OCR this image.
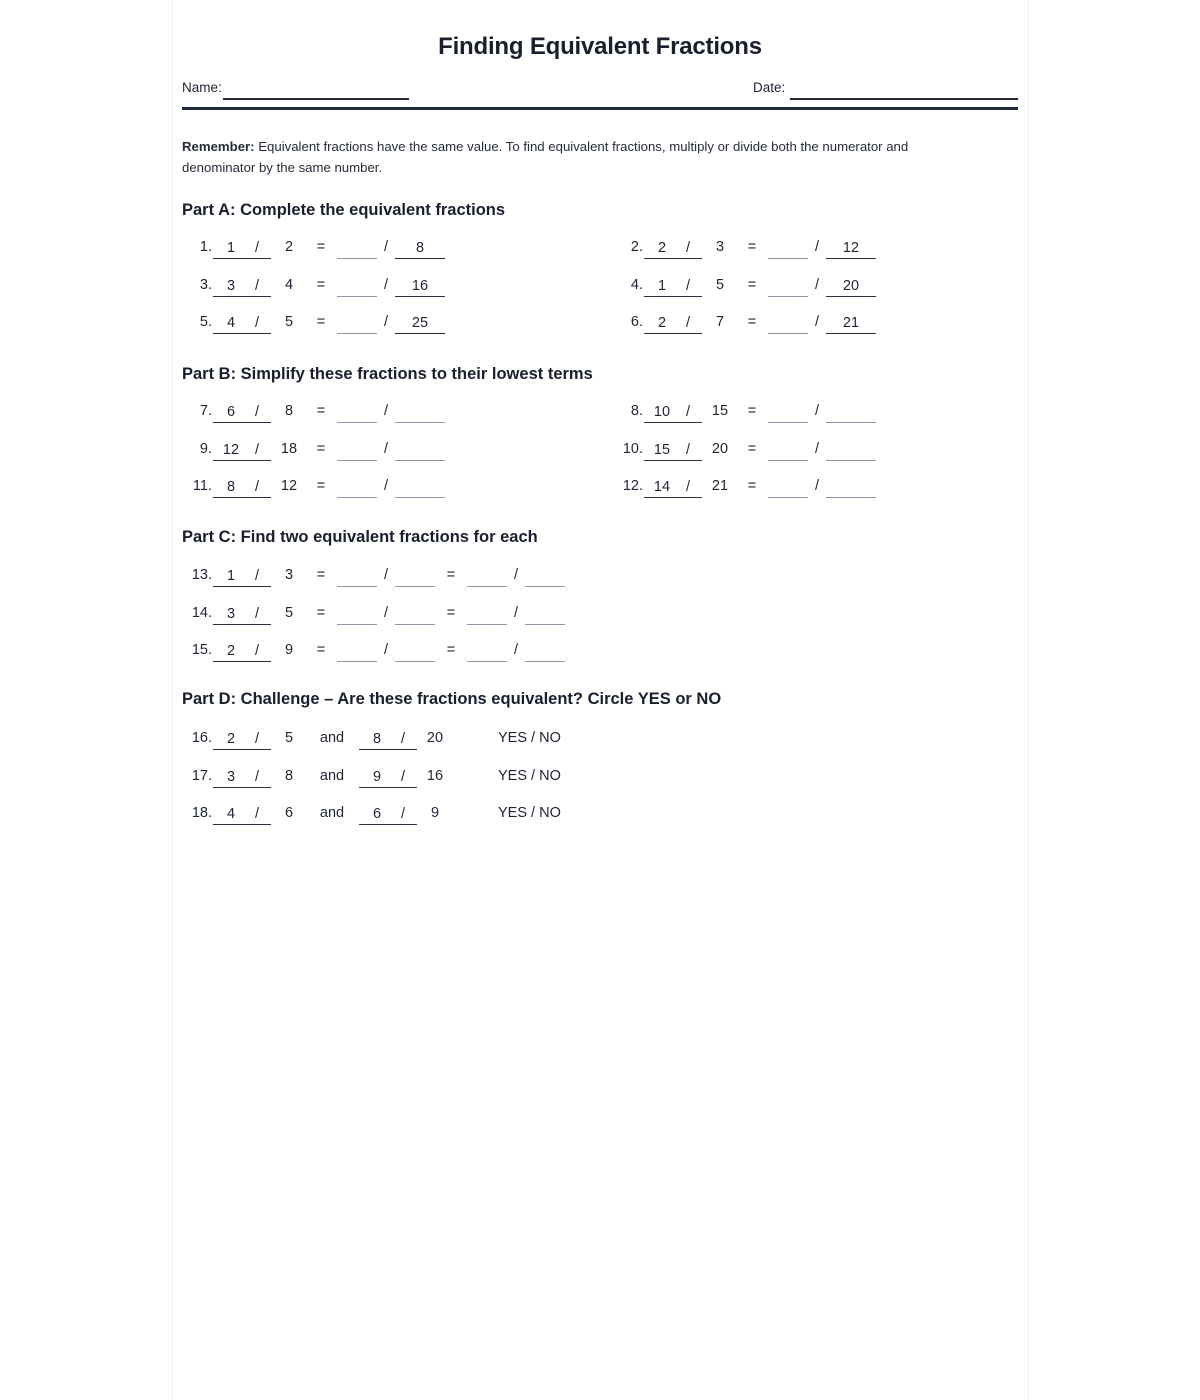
Finding Equivalent Fractions
Name:	Date:
Remember: Equivalent fractions have the same value. To find equivalent fractions, multiply or divide both the numerator and denominator by the same number.
Part A: Complete the equivalent fractions
1. 1 / 2 =	/ 8	2. 2 / 3 =	/ 12
3. 3 / 4 =	/ 16	4. 1 / 5 =	/ 20
5. 4 / 5 =	/ 25	6. 2 / 7 =	/ 21
Part B: Simplify these fractions to their lowest terms
7. 6 / 8 =	/	8. 10 / 15 =	/
9. 12 / 18 =	/	10. 15 / 20 =	/
11. 8 / 12 =	/	12. 14 / 21 =	/
Part C: Find two equivalent fractions for each
13. 1 / 3 =	/	=	/
14. 3 / 5 =	/	=	/
15. 2 / 9 =	/	=	/
Part D: Challenge – Are these fractions equivalent? Circle YES or NO
16. 2 / 5 and 8 / 20	YES / NO
17. 3 / 8 and 9 / 16	YES / NO
18. 4 / 6 and 6 / 9	YES / NO
